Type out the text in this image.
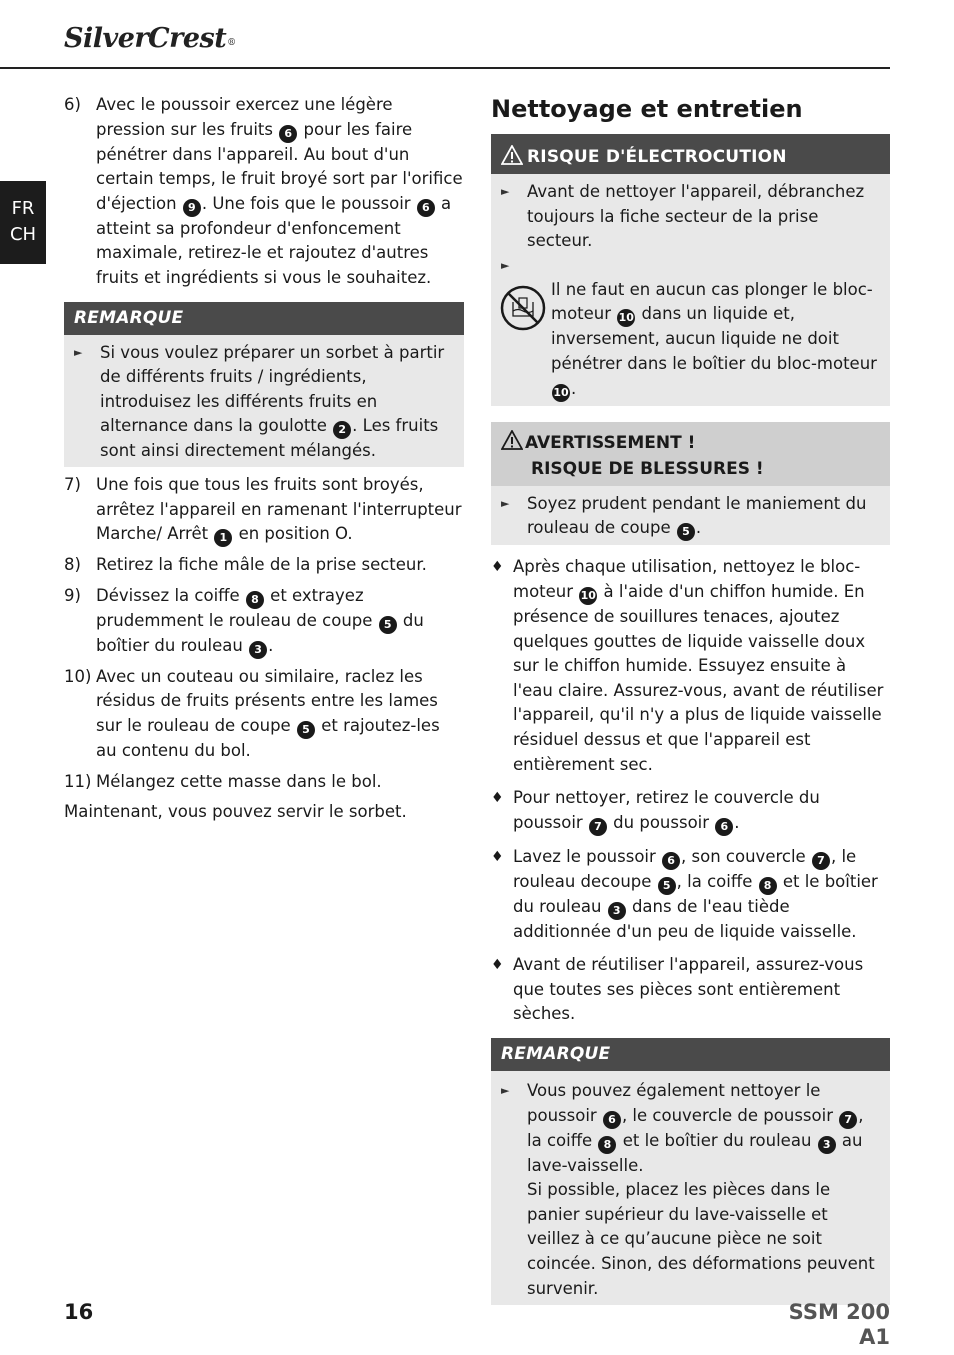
SilverCrest®
FR
CH
6) Avec le poussoir exercez une légère pression sur les fruits 6 pour les faire pénétrer dans l'appareil. Au bout d'un certain temps, le fruit broyé sort par l'orifice d'éjection 9 . Une fois que le poussoir 6 a atteint sa profondeur d'enfoncement maximale, retirez-le et rajoutez d'autres fruits et ingrédients si vous le souhaitez.
REMARQUE
► Si vous voulez préparer un sorbet à partir de différents fruits / ingrédients, introduisez les différents fruits en alternance dans la goulotte 2 . Les fruits sont ainsi directement mélangés.
7) Une fois que tous les fruits sont broyés, arrêtez l'appareil en ramenant l'interrupteur Marche/ Arrêt 1 en position O.
8) Retirez la fiche mâle de la prise secteur.
9) Dévissez la coiffe 8 et extrayez prudemment le rouleau de coupe 5 du boîtier du rouleau 3 .
10) Avec un couteau ou similaire, raclez les résidus de fruits présents entre les lames sur le rouleau de coupe 5 et rajoutez-les au contenu du bol.
11) Mélangez cette masse dans le bol.
Maintenant, vous pouvez servir le sorbet.
Nettoyage et entretien
RISQUE D'ÉLECTROCUTION
► Avant de nettoyer l'appareil, débranchez toujours la fiche secteur de la prise secteur.
►
Il ne faut en aucun cas plonger le bloc-moteur 10 dans un liquide et, inversement, aucun liquide ne doit pénétrer dans le boîtier du bloc-moteur 10 .
AVERTISSEMENT !
RISQUE DE BLESSURES !
► Soyez prudent pendant le maniement du rouleau de coupe 5 .
♦ Après chaque utilisation, nettoyez le bloc-moteur 10 à l'aide d'un chiffon humide. En présence de souillures tenaces, ajoutez quelques gouttes de liquide vaisselle doux sur le chiffon humide. Essuyez ensuite à l'eau claire. Assurez-vous, avant de réutiliser l'appareil, qu'il n'y a plus de liquide vaisselle résiduel dessus et que l'appareil est entièrement sec.
♦ Pour nettoyer, retirez le couvercle du poussoir 7 du poussoir 6 .
♦ Lavez le poussoir 6 , son couvercle 7 , le rouleau decoupe 5 , la coiffe 8 et le boîtier du rouleau 3 dans de l'eau tiède additionnée d'un peu de liquide vaisselle.
♦ Avant de réutiliser l'appareil, assurez-vous que toutes ses pièces sont entièrement sèches.
REMARQUE
► Vous pouvez également nettoyer le poussoir 6 , le couvercle de poussoir 7 , la coiffe 8 et le boîtier du rouleau 3 au lave-vaisselle.
Si possible, placez les pièces dans le panier supérieur du lave-vaisselle et veillez à ce qu’aucune pièce ne soit coincée. Sinon, des déformations peuvent survenir.
16	SSM 200 A1
